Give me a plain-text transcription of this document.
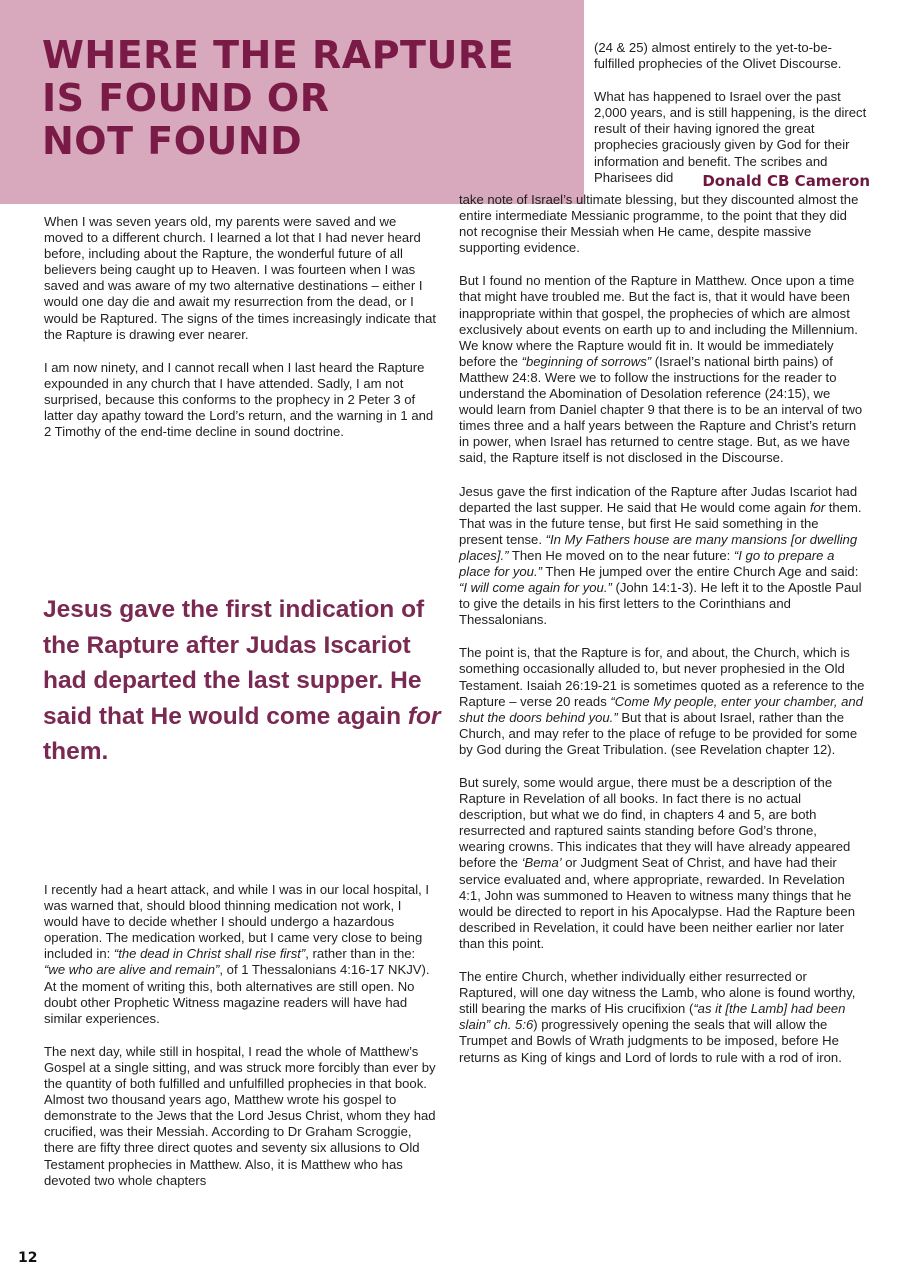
WHERE THE RAPTURE
IS FOUND OR
NOT FOUND
Donald CB Cameron

(24 & 25) almost entirely to the yet-to-be-fulfilled prophecies of the Olivet Discourse.

What has happened to Israel over the past 2,000 years, and is still happening, is the direct result of their having ignored the great prophecies graciously given by God for their information and benefit. The scribes and Pharisees did

When I was seven years old, my parents were saved and we moved to a different church. I learned a lot that I had never heard before, including about the Rapture, the wonderful future of all believers being caught up to Heaven. I was fourteen when I was saved and was aware of my two alternative destinations – either I would one day die and await my resurrection from the dead, or I would be Raptured. The signs of the times increasingly indicate that the Rapture is drawing ever nearer.

I am now ninety, and I cannot recall when I last heard the Rapture expounded in any church that I have attended. Sadly, I am not surprised, because this conforms to the prophecy in 2 Peter 3 of latter day apathy toward the Lord’s return, and the warning in 1 and 2 Timothy of the end-time decline in sound doctrine.

Jesus gave the first indication of the Rapture after Judas Iscariot had departed the last supper. He said that He would come again for them.

I recently had a heart attack, and while I was in our local hospital, I was warned that, should blood thinning medication not work, I would have to decide whether I should undergo a hazardous operation. The medication worked, but I came very close to being included in: “the dead in Christ shall rise first”, rather than in the: “we who are alive and remain”, of 1 Thessalonians 4:16-17 NKJV). At the moment of writing this, both alternatives are still open. No doubt other Prophetic Witness magazine readers will have had similar experiences.

The next day, while still in hospital, I read the whole of Matthew’s Gospel at a single sitting, and was struck more forcibly than ever by the quantity of both fulfilled and unfulfilled prophecies in that book. Almost two thousand years ago, Matthew wrote his gospel to demonstrate to the Jews that the Lord Jesus Christ, whom they had crucified, was their Messiah. According to Dr Graham Scroggie, there are fifty three direct quotes and seventy six allusions to Old Testament prophecies in Matthew. Also, it is Matthew who has devoted two whole chapters

take note of Israel’s ultimate blessing, but they discounted almost the entire intermediate Messianic programme, to the point that they did not recognise their Messiah when He came, despite massive supporting evidence.

But I found no mention of the Rapture in Matthew. Once upon a time that might have troubled me. But the fact is, that it would have been inappropriate within that gospel, the prophecies of which are almost exclusively about events on earth up to and including the Millennium. We know where the Rapture would fit in. It would be immediately before the “beginning of sorrows” (Israel’s national birth pains) of Matthew 24:8. Were we to follow the instructions for the reader to understand the Abomination of Desolation reference (24:15), we would learn from Daniel chapter 9 that there is to be an interval of two times three and a half years between the Rapture and Christ’s return in power, when Israel has returned to centre stage. But, as we have said, the Rapture itself is not disclosed in the Discourse.

Jesus gave the first indication of the Rapture after Judas Iscariot had departed the last supper. He said that He would come again for them. That was in the future tense, but first He said something in the present tense. “In My Fathers house are many mansions [or dwelling places].” Then He moved on to the near future: “I go to prepare a place for you.” Then He jumped over the entire Church Age and said: “I will come again for you.” (John 14:1-3). He left it to the Apostle Paul to give the details in his first letters to the Corinthians and Thessalonians.

The point is, that the Rapture is for, and about, the Church, which is something occasionally alluded to, but never prophesied in the Old Testament. Isaiah 26:19-21 is sometimes quoted as a reference to the Rapture – verse 20 reads “Come My people, enter your chamber, and shut the doors behind you.” But that is about Israel, rather than the Church, and may refer to the place of refuge to be provided for some by God during the Great Tribulation. (see Revelation chapter 12).

But surely, some would argue, there must be a description of the Rapture in Revelation of all books. In fact there is no actual description, but what we do find, in chapters 4 and 5, are both resurrected and raptured saints standing before God’s throne, wearing crowns. This indicates that they will have already appeared before the ‘Bema’ or Judgment Seat of Christ, and have had their service evaluated and, where appropriate, rewarded. In Revelation 4:1, John was summoned to Heaven to witness many things that he would be directed to report in his Apocalypse. Had the Rapture been described in Revelation, it could have been neither earlier nor later than this point.

The entire Church, whether individually either resurrected or Raptured, will one day witness the Lamb, who alone is found worthy, still bearing the marks of His crucifixion (“as it [the Lamb] had been slain” ch. 5:6) progressively opening the seals that will allow the Trumpet and Bowls of Wrath judgments to be imposed, before He returns as King of kings and Lord of lords to rule with a rod of iron.

12
